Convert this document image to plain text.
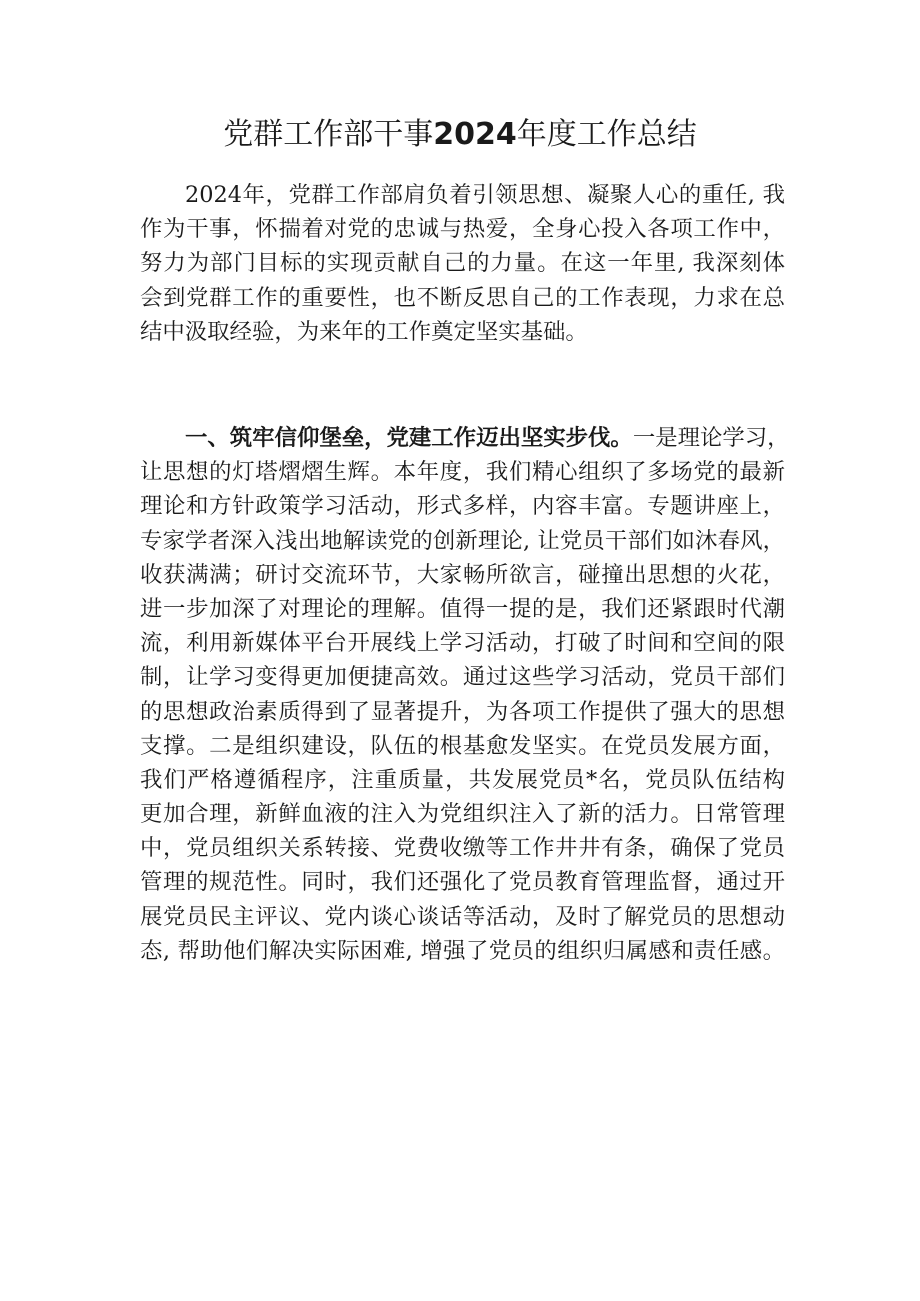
党群工作部干事2024年度工作总结
2024年，党群工作部肩负着引领思想、凝聚人心的重任, 我
作为干事，怀揣着对党的忠诚与热爱，全身心投入各项工作中，
努力为部门目标的实现贡献自己的力量。在这一年里, 我深刻体
会到党群工作的重要性，也不断反思自己的工作表现，力求在总
结中汲取经验，为来年的工作奠定坚实基础。
一、筑牢信仰堡垒，党建工作迈出坚实步伐。一是理论学习，
让思想的灯塔熠熠生辉。本年度，我们精心组织了多场党的最新
理论和方针政策学习活动，形式多样，内容丰富。专题讲座上，
专家学者深入浅出地解读党的创新理论, 让党员干部们如沐春风，
收获满满；研讨交流环节，大家畅所欲言，碰撞出思想的火花，
进一步加深了对理论的理解。值得一提的是，我们还紧跟时代潮
流，利用新媒体平台开展线上学习活动，打破了时间和空间的限
制，让学习变得更加便捷高效。通过这些学习活动，党员干部们
的思想政治素质得到了显著提升，为各项工作提供了强大的思想
支撑。二是组织建设，队伍的根基愈发坚实。在党员发展方面，
我们严格遵循程序，注重质量，共发展党员*名，党员队伍结构
更加合理，新鲜血液的注入为党组织注入了新的活力。日常管理
中，党员组织关系转接、党费收缴等工作井井有条，确保了党员
管理的规范性。同时，我们还强化了党员教育管理监督，通过开
展党员民主评议、党内谈心谈话等活动，及时了解党员的思想动
态, 帮助他们解决实际困难, 增强了党员的组织归属感和责任感。
